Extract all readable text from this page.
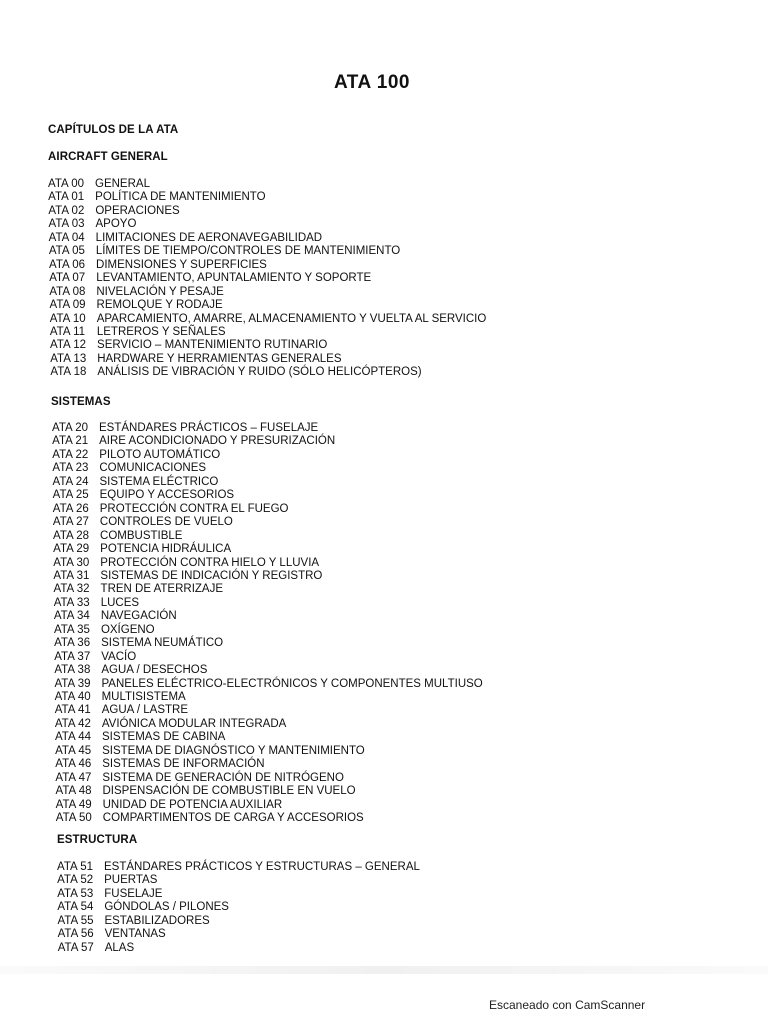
ATA 100
CAPÍTULOS DE LA ATA
AIRCRAFT GENERAL
ATA 00 GENERAL
ATA 01 POLÍTICA DE MANTENIMIENTO
ATA 02 OPERACIONES
ATA 03 APOYO
ATA 04 LIMITACIONES DE AERONAVEGABILIDAD
ATA 05 LÍMITES DE TIEMPO/CONTROLES DE MANTENIMIENTO
ATA 06 DIMENSIONES Y SUPERFICIES
ATA 07 LEVANTAMIENTO, APUNTALAMIENTO Y SOPORTE
ATA 08 NIVELACIÓN Y PESAJE
ATA 09 REMOLQUE Y RODAJE
ATA 10 APARCAMIENTO, AMARRE, ALMACENAMIENTO Y VUELTA AL SERVICIO
ATA 11 LETREROS Y SEÑALES
ATA 12 SERVICIO – MANTENIMIENTO RUTINARIO
ATA 13 HARDWARE Y HERRAMIENTAS GENERALES
ATA 18 ANÁLISIS DE VIBRACIÓN Y RUIDO (SÓLO HELICÓPTEROS)
SISTEMAS
ATA 20 ESTÁNDARES PRÁCTICOS – FUSELAJE
ATA 21 AIRE ACONDICIONADO Y PRESURIZACIÓN
ATA 22 PILOTO AUTOMÁTICO
ATA 23 COMUNICACIONES
ATA 24 SISTEMA ELÉCTRICO
ATA 25 EQUIPO Y ACCESORIOS
ATA 26 PROTECCIÓN CONTRA EL FUEGO
ATA 27 CONTROLES DE VUELO
ATA 28 COMBUSTIBLE
ATA 29 POTENCIA HIDRÁULICA
ATA 30 PROTECCIÓN CONTRA HIELO Y LLUVIA
ATA 31 SISTEMAS DE INDICACIÓN Y REGISTRO
ATA 32 TREN DE ATERRIZAJE
ATA 33 LUCES
ATA 34 NAVEGACIÓN
ATA 35 OXÍGENO
ATA 36 SISTEMA NEUMÁTICO
ATA 37 VACÍO
ATA 38 AGUA / DESECHOS
ATA 39 PANELES ELÉCTRICO-ELECTRÓNICOS Y COMPONENTES MULTIUSO
ATA 40 MULTISISTEMA
ATA 41 AGUA / LASTRE
ATA 42 AVIÓNICA MODULAR INTEGRADA
ATA 44 SISTEMAS DE CABINA
ATA 45 SISTEMA DE DIAGNÓSTICO Y MANTENIMIENTO
ATA 46 SISTEMAS DE INFORMACIÓN
ATA 47 SISTEMA DE GENERACIÓN DE NITRÓGENO
ATA 48 DISPENSACIÓN DE COMBUSTIBLE EN VUELO
ATA 49 UNIDAD DE POTENCIA AUXILIAR
ATA 50 COMPARTIMENTOS DE CARGA Y ACCESORIOS
ESTRUCTURA
ATA 51 ESTÁNDARES PRÁCTICOS Y ESTRUCTURAS – GENERAL
ATA 52 PUERTAS
ATA 53 FUSELAJE
ATA 54 GÓNDOLAS / PILONES
ATA 55 ESTABILIZADORES
ATA 56 VENTANAS
ATA 57 ALAS
Escaneado con CamScanner
